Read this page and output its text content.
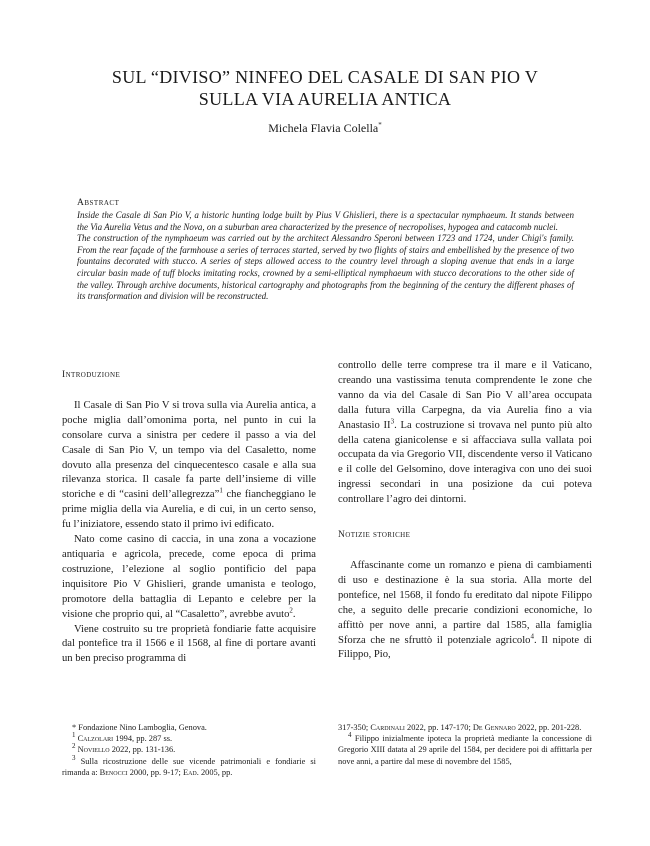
SUL “DIVISO” NINFEO DEL CASALE DI SAN PIO V
SULLA VIA AURELIA ANTICA
Michela Flavia Colella*
Abstract

Inside the Casale di San Pio V, a historic hunting lodge built by Pius V Ghislieri, there is a spectacular nymphaeum. It stands between the Via Aurelia Vetus and the Nova, on a suburban area characterized by the presence of necropolises, hypogea and catacomb nuclei.

The construction of the nymphaeum was carried out by the architect Alessandro Speroni between 1723 and 1724, under Chigi's family. From the rear façade of the farmhouse a series of terraces started, served by two flights of stairs and embellished by the presence of two fountains decorated with stucco. A series of steps allowed access to the country level through a sloping avenue that ends in a large circular basin made of tuff blocks imitating rocks, crowned by a semi-elliptical nymphaeum with stucco decorations to the other side of the valley. Through archive documents, historical cartography and photographs from the beginning of the century the different phases of its transformation and division will be reconstructed.

Introduzione

Il Casale di San Pio V si trova sulla via Aurelia antica, a poche miglia dall’omonima porta, nel punto in cui la consolare curva a sinistra per cedere il passo a via del Casale di San Pio V, un tempo via del Casaletto, nome dovuto alla presenza del cinquecentesco casale e alla sua rilevanza storica. Il casale fa parte dell’insieme di ville storiche e di “casini dell’allegrezza”$^1$ che fiancheggiano le prime miglia della via Aurelia, e di cui, in un certo senso, fu l’iniziatore, essendo stato il primo ivi edificato.

Nato come casino di caccia, in una zona a vocazione antiquaria e agricola, precede, come epoca di prima costruzione, l’elezione al soglio pontificio del papa inquisitore Pio V Ghislieri, grande umanista e teologo, promotore della battaglia di Lepanto e celebre per la visione che proprio qui, al “Casaletto”, avrebbe avuto$^2$.

Viene costruito su tre proprietà fondiarie fatte acquisire dal pontefice tra il 1566 e il 1568, al fine di portare avanti un ben preciso programma di

controllo delle terre comprese tra il mare e il Vaticano, creando una vastissima tenuta comprendente le zone che vanno da via del Casale di San Pio V all’area occupata dalla futura villa Carpegna, da via Aurelia fino a via Anastasio $II^3$. La costruzione si trovava nel punto più alto della catena gianicolense e si affacciava sulla vallata poi occupata da via Gregorio VII, discendente verso il Vaticano e il colle del Gelsomino, dove interagiva con uno dei suoi ingressi secondari in una posizione da cui poteva controllare l’agro dei dintorni.

Notizie storiche

Affascinante come un romanzo e piena di cambiamenti di uso e destinazione è la sua storia. Alla morte del pontefice, nel 1568, il fondo fu ereditato dal nipote Filippo che, a seguito delle precarie condizioni economiche, lo affittò per nove anni, a partire dal 1585, alla famiglia Sforza che ne sfruttò il potenziale agricolo$^4$. Il nipote di Filippo, Pio,

* Fondazione Nino Lamboglia, Genova.

$^1$ Calzolari 1994, pp. 287 ss.

$^2$ Noviello 2022, pp. 131-136.

$^3$ Sulla ricostruzione delle sue vicende patrimoniali e fondiarie si rimanda a: Benocci 2000, pp. 9-17; Ead. 2005, pp.

317-350; Cardinali 2022, pp. 147-170; De Gennaro 2022, pp. 201-228.

$^4$ Filippo inizialmente ipoteca la proprietà mediante la concessione di Gregorio XIII datata al 29 aprile del 1584, per decidere poi di affittarla per nove anni, a partire dal mese di novembre del 1585,
